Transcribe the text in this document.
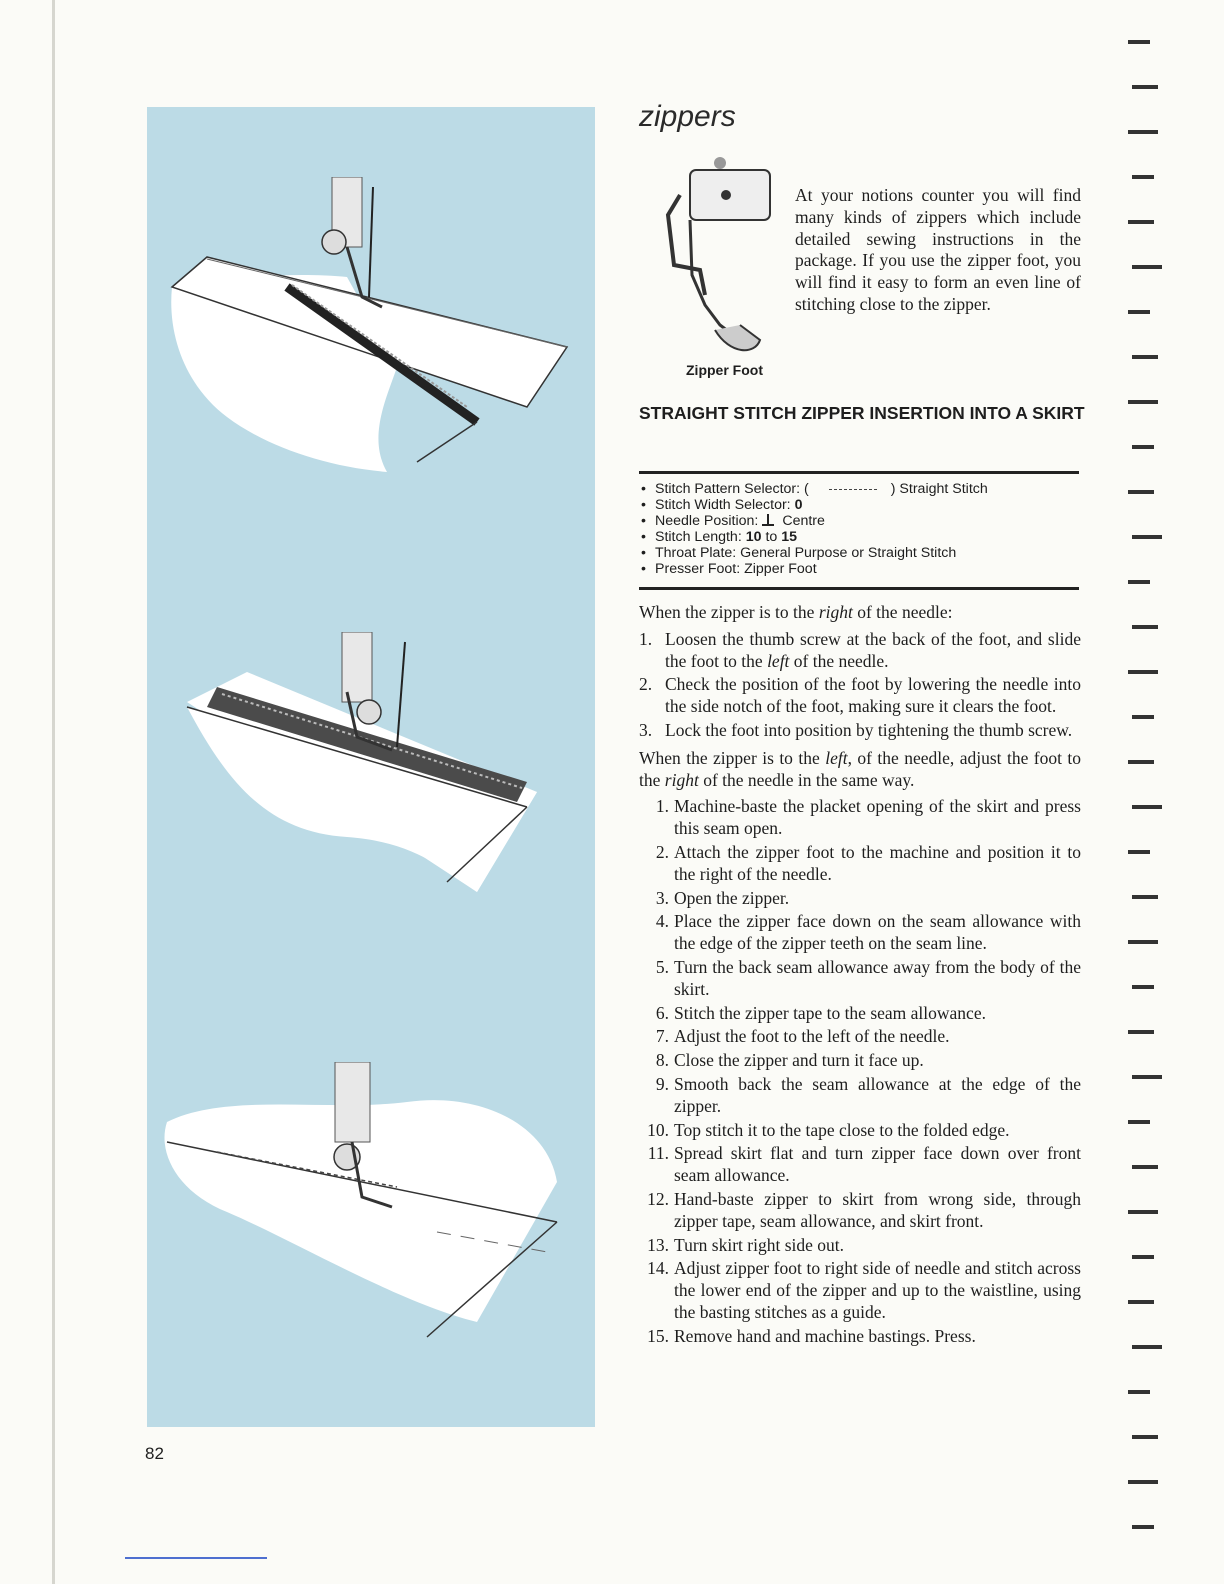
82
zippers
Zipper Foot

At your notions counter you will find many kinds of zippers which include detailed sewing instructions in the package. If you use the zipper foot, you will find it easy to form an even line of stitching close to the zipper.

STRAIGHT STITCH ZIPPER INSERTION INTO A SKIRT
• Stitch Pattern Selector: (	) Straight Stitch
• Stitch Width Selector: 0
• Needle Position: Centre
• Stitch Length: 10 to 15
• Throat Plate: General Purpose or Straight Stitch
• Presser Foot: Zipper Foot

When the zipper is to the right of the needle:

1. Loosen the thumb screw at the back of the foot, and slide the foot to the left of the needle.
2. Check the position of the foot by lowering the needle into the side notch of the foot, making sure it clears the foot.
3. Lock the foot into position by tightening the thumb screw.

When the zipper is to the left, of the needle, adjust the foot to the right of the needle in the same way.

1. Machine-baste the placket opening of the skirt and press this seam open.
2. Attach the zipper foot to the machine and position it to the right of the needle.
3. Open the zipper.
4. Place the zipper face down on the seam allowance with the edge of the zipper teeth on the seam line.
5. Turn the back seam allowance away from the body of the skirt.
6. Stitch the zipper tape to the seam allowance.
7. Adjust the foot to the left of the needle.
8. Close the zipper and turn it face up.
9. Smooth back the seam allowance at the edge of the zipper.
10. Top stitch it to the tape close to the folded edge.
11. Spread skirt flat and turn zipper face down over front seam allowance.
12. Hand-baste zipper to skirt from wrong side, through zipper tape, seam allowance, and skirt front.
13. Turn skirt right side out.
14. Adjust zipper foot to right side of needle and stitch across the lower end of the zipper and up to the waistline, using the basting stitches as a guide.
15. Remove hand and machine bastings. Press.
